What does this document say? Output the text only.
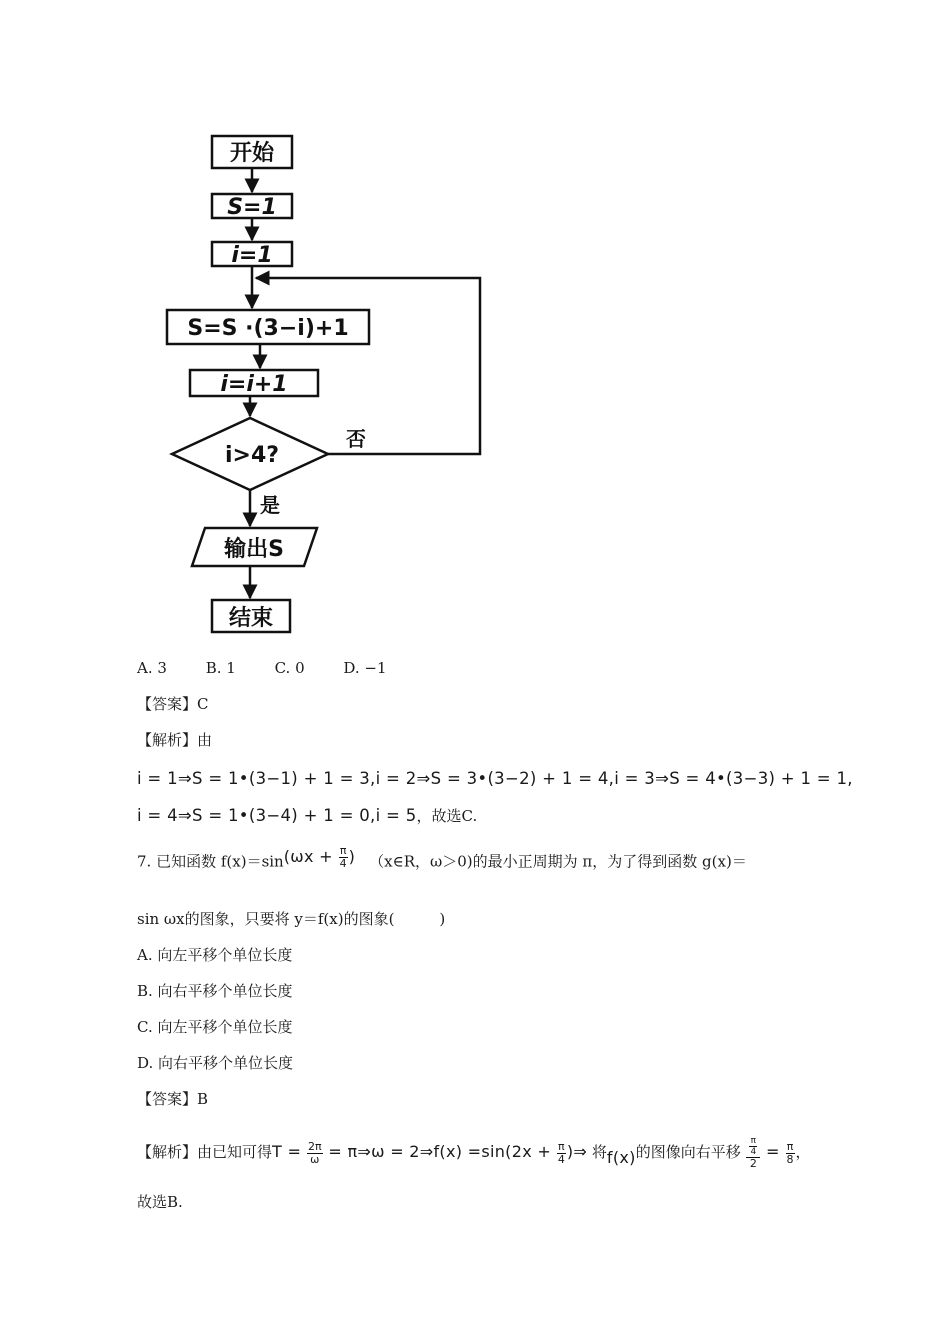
开始
S=1
i=1
S=S ·(3−i)+1
i=i+1
i>4?
否
是
输出S
结束
A. 3	B. 1	C. 0	D. −1
【答案】C
【解析】由
i = 1⇒S = 1•(3−1) + 1 = 3,i = 2⇒S = 3•(3−2) + 1 = 4,i = 3⇒S = 4•(3−3) + 1 = 1,
i = 4⇒S = 1•(3−4) + 1 = 0,i = 5，故选C.
7. 已知函数 $f(x)=\sin(\omega x + \frac{\pi}{4}$ ) （x∈R，ω＞0)的最小正周期为 π，为了得到函数 g(x)＝
sin ωx的图象，只要将 y＝f(x)的图象(　　　)
A. 向左平移个单位长度
B. 向右平移个单位长度
C. 向左平移个单位长度
D. 向右平移个单位长度
【答案】B
【解析】由已知可得$T = \frac{2\pi}{\omega}$ = π⇒ω = 2⇒f(x) $=\sin(2x + \frac{\pi}{4}$ )⇒ 将f(x)的图像向右平移 $\frac{\frac{\pi}{4}}{2} = \frac{\pi}{8}$ ，
故选B.
